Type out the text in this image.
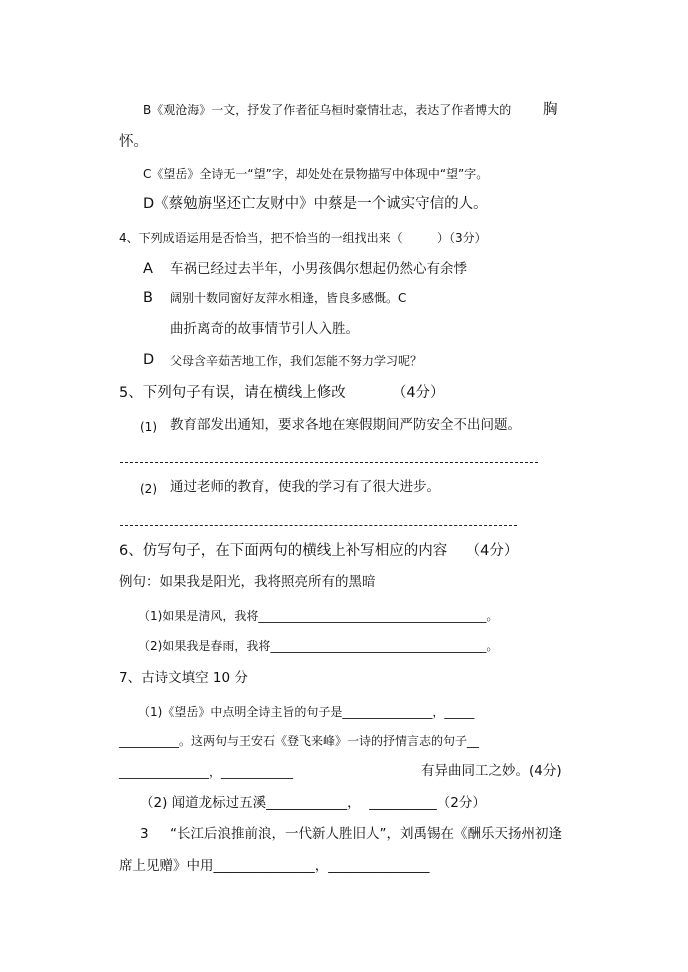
B《观沧海》一文，抒发了作者征乌桓时豪情壮志，表达了作者博大的 胸
怀。
C《望岳》全诗无一“望”字，却处处在景物描写中体现中“望”字。
D《蔡勉旃坚还亡友财中》中蔡是一个诚实守信的人。
4、下列成语运用是否恰当，把不恰当的一组找出来（         ）（3分）
A 车祸已经过去半年，小男孩偶尔想起仍然心有余悸
B 阔别十数同窗好友萍水相逢，皆良多感慨。C
曲折离奇的故事情节引人入胜。
D 父母含辛茹苦地工作，我们怎能不努力学习呢？
5、下列句子有误，请在横线上修改          （4分）
(1) 教育部发出通知，要求各地在寒假期间严防安全不出问题。
(2) 通过老师的教育，使我的学习有了很大进步。
6、仿写句子，在下面两句的横线上补写相应的内容    （4分）
例句：如果我是阳光，我将照亮所有的黑暗
（1)如果是清风，我将______________________________________。
（2)如果我是春雨，我将____________________________________。
7、古诗文填空 10 分
（1)《望岳》中点明全诗主旨的句子是_______________，_____
__________。这两句与王安石《登飞来峰》一诗的抒情言志的句子__
_______________，____________	有异曲同工之妙。(4分)
（2) 闻道龙标过五溪____________，  __________（2分）
3 “长江后浪推前浪，一代新人胜旧人”，刘禹锡在《酬乐天扬州初逢
席上见赠》中用_______________，_______________
